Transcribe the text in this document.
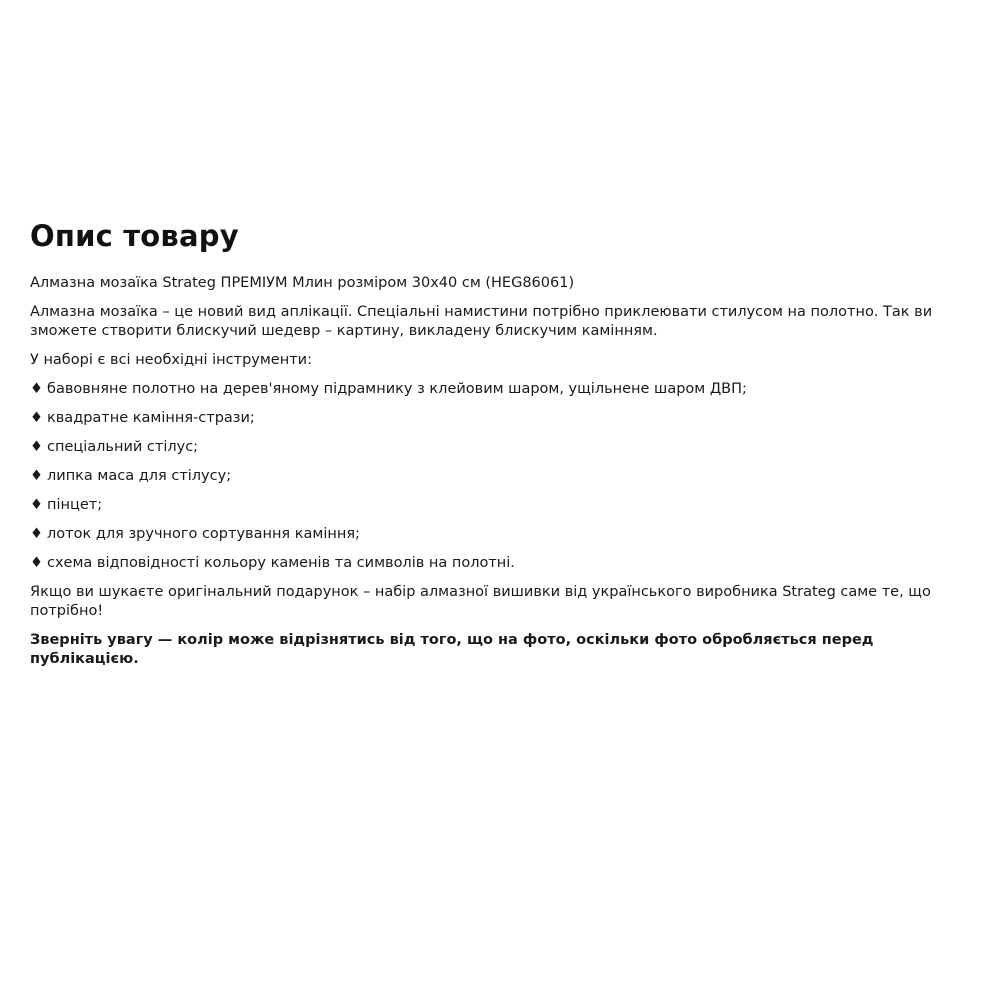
Опис товару

Алмазна мозаїка Strateg ПРЕМІУМ Млин розміром 30х40 см (HEG86061)

Алмазна мозаїка – це новий вид аплікації. Спеціальні намистини потрібно приклеювати стилусом на полотно. Так ви зможете створити блискучий шедевр – картину, викладену блискучим камінням.

У наборі є всі необхідні інструменти:

♦ бавовняне полотно на дерев'яному підрамнику з клейовим шаром, ущільнене шаром ДВП;
♦ квадратне каміння-стрази;
♦ спеціальний стілус;
♦ липка маса для стілусу;
♦ пінцет;
♦ лоток для зручного сортування каміння;
♦ схема відповідності кольору каменів та символів на полотні.

Якщо ви шукаєте оригінальний подарунок – набір алмазної вишивки від українського виробника Strateg саме те, що потрібно!

Зверніть увагу — колір може відрізнятись від того, що на фото, оскільки фото обробляється перед публікацією.
